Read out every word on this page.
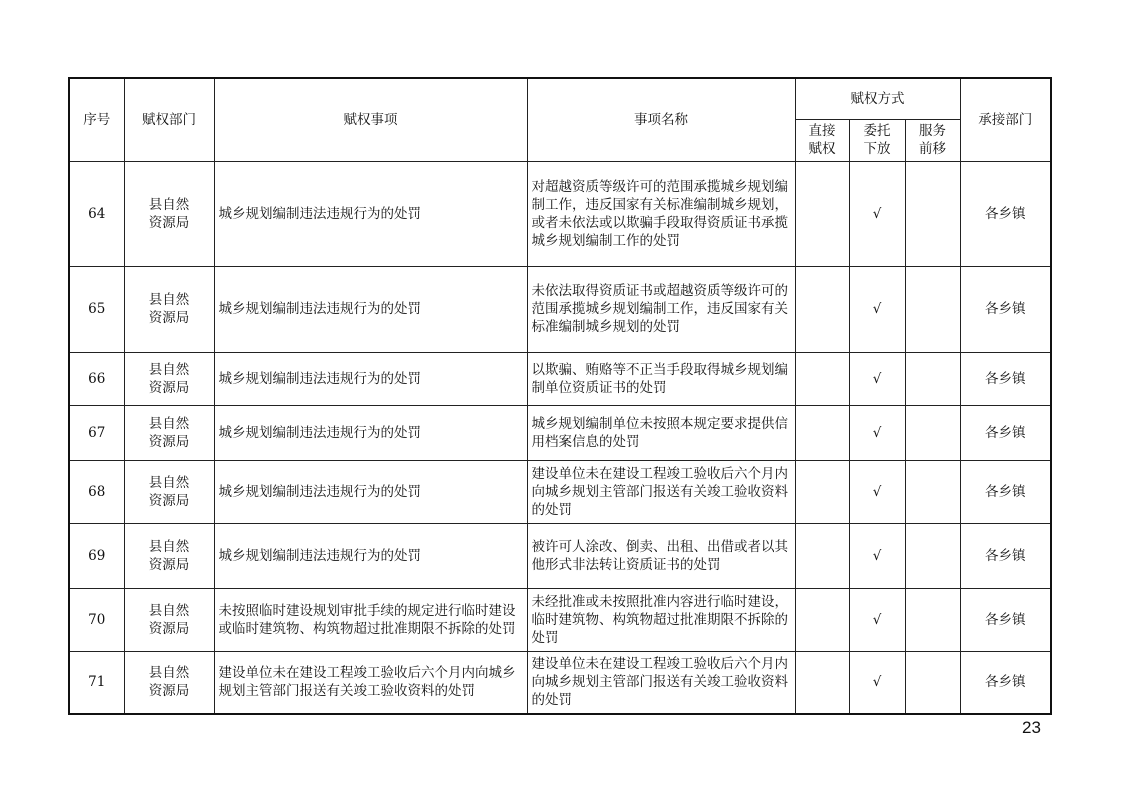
序号	赋权部门	赋权事项	事项名称	赋权方式			承接部门
				直接赋权	委托下放	服务前移	
64	县自然资源局	城乡规划编制违法违规行为的处罚	对超越资质等级许可的范围承揽城乡规划编制工作，违反国家有关标准编制城乡规划，或者未依法或以欺骗手段取得资质证书承揽城乡规划编制工作的处罚		√		各乡镇
65	县自然资源局	城乡规划编制违法违规行为的处罚	未依法取得资质证书或超越资质等级许可的范围承揽城乡规划编制工作，违反国家有关标准编制城乡规划的处罚		√		各乡镇
66	县自然资源局	城乡规划编制违法违规行为的处罚	以欺骗、贿赂等不正当手段取得城乡规划编制单位资质证书的处罚		√		各乡镇
67	县自然资源局	城乡规划编制违法违规行为的处罚	城乡规划编制单位未按照本规定要求提供信用档案信息的处罚		√		各乡镇
68	县自然资源局	城乡规划编制违法违规行为的处罚	建设单位未在建设工程竣工验收后六个月内向城乡规划主管部门报送有关竣工验收资料的处罚		√		各乡镇
69	县自然资源局	城乡规划编制违法违规行为的处罚	被许可人涂改、倒卖、出租、出借或者以其他形式非法转让资质证书的处罚		√		各乡镇
70	县自然资源局	未按照临时建设规划审批手续的规定进行临时建设或临时建筑物、构筑物超过批准期限不拆除的处罚	未经批准或未按照批准内容进行临时建设，临时建筑物、构筑物超过批准期限不拆除的处罚		√		各乡镇
71	县自然资源局	建设单位未在建设工程竣工验收后六个月内向城乡规划主管部门报送有关竣工验收资料的处罚	建设单位未在建设工程竣工验收后六个月内向城乡规划主管部门报送有关竣工验收资料的处罚		√		各乡镇
23
